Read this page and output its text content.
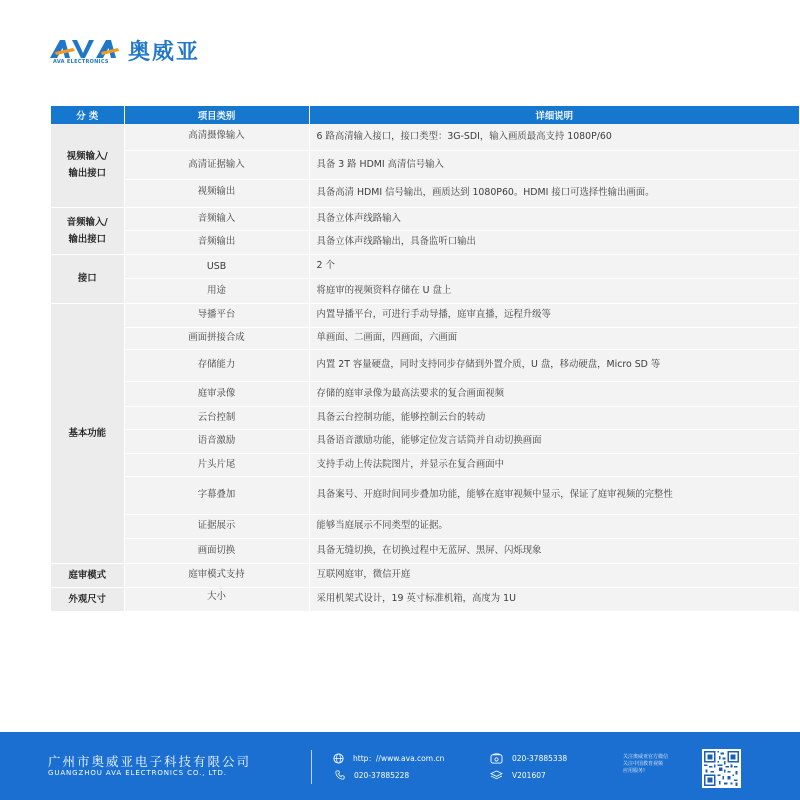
AVA ELECTRONICS 奥威亚
分 类	项目类别	详细说明
视频输入/
输出接口	高清摄像输入	6 路高清输入接口，接口类型：3G-SDI，输入画质最高支持 1080P/60
	高清证据输入	具备 3 路 HDMI 高清信号输入
	视频输出	具备高清 HDMI 信号输出，画质达到 1080P60。HDMI 接口可选择性输出画面。
音频输入/
输出接口	音频输入	具备立体声线路输入
	音频输出	具备立体声线路输出，具备监听口输出
接口	USB	2 个
	用途	将庭审的视频资料存储在 U 盘上
基本功能	导播平台	内置导播平台，可进行手动导播，庭审直播，远程升级等
	画面拼接合成	单画面、二画面，四画面，六画面
	存储能力	内置 2T 容量硬盘，同时支持同步存储到外置介质，U 盘，移动硬盘，Micro SD 等
	庭审录像	存储的庭审录像为最高法要求的复合画面视频
	云台控制	具备云台控制功能，能够控制云台的转动
	语音激励	具备语音激励功能，能够定位发言话筒并自动切换画面
	片头片尾	支持手动上传法院图片，并显示在复合画面中
	字幕叠加	具备案号、开庭时间同步叠加功能，能够在庭审视频中显示，保证了庭审视频的完整性
	证据展示	能够当庭展示不同类型的证据。
	画面切换	具备无缝切换，在切换过程中无蓝屏、黑屏、闪烁现象
庭审模式	庭审模式支持	互联网庭审，微信开庭
外观尺寸	大小	采用机架式设计，19 英寸标准机箱，高度为 1U
广州市奥威亚电子科技有限公司
GUANGZHOU AVA ELECTRONICS CO., LTD.
http：//www.ava.com.cn
020-37885228
020-37885338
V201607
关注奥威亚官方微信
关注中国教育视频
应用服务!
